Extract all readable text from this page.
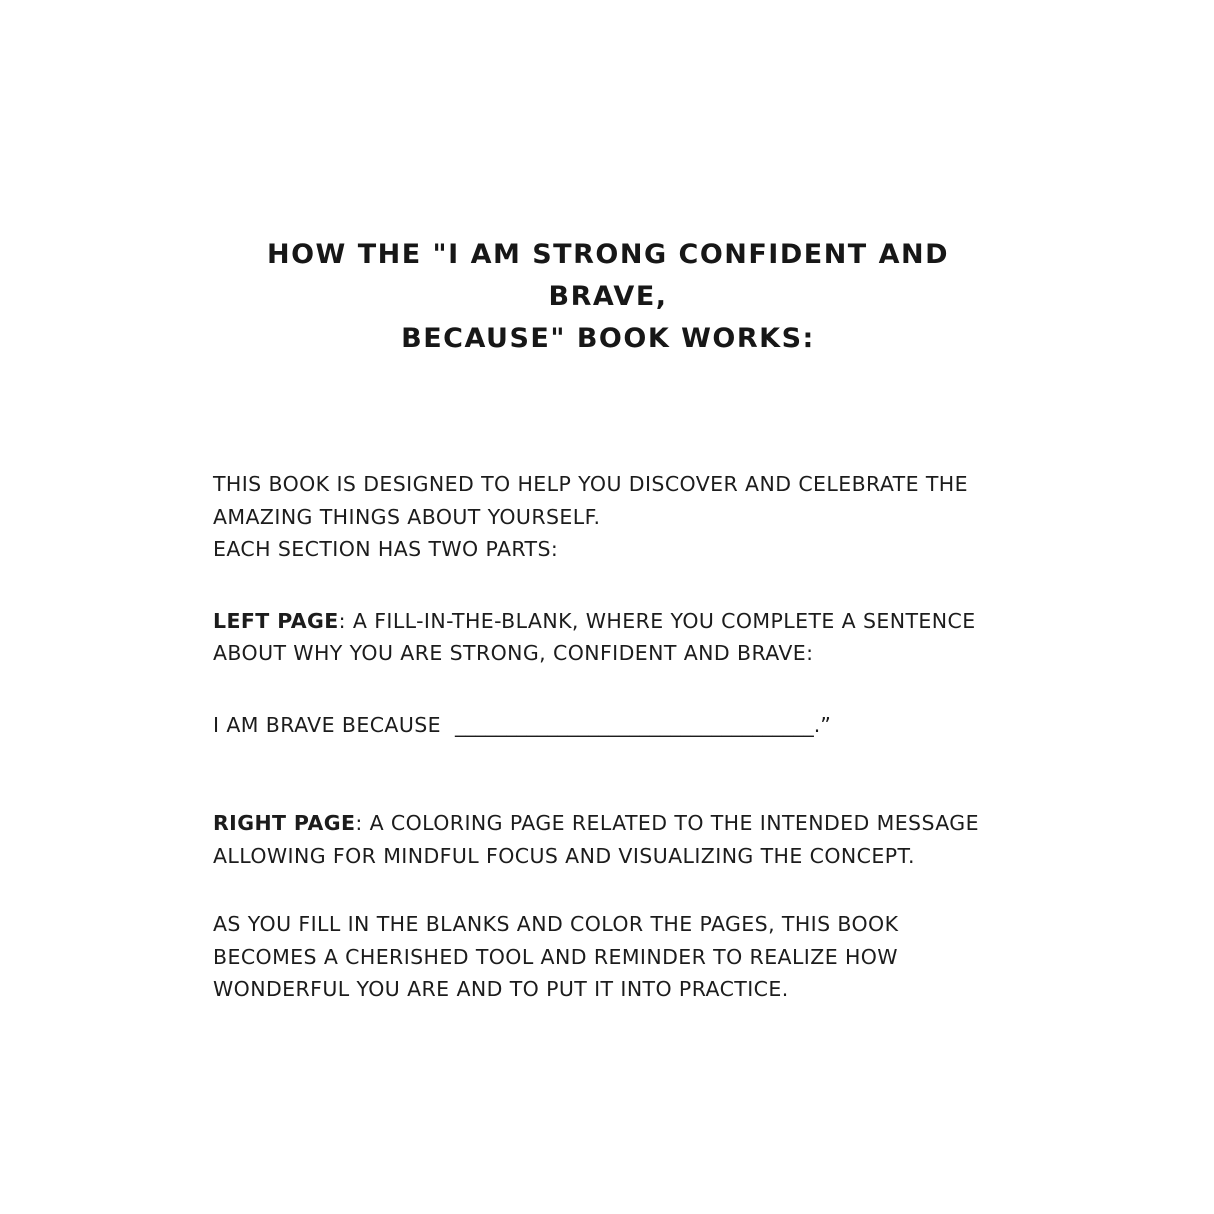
HOW THE "I AM STRONG CONFIDENT AND BRAVE,
BECAUSE" BOOK WORKS:
THIS BOOK IS DESIGNED TO HELP YOU DISCOVER AND CELEBRATE THE
AMAZING THINGS ABOUT YOURSELF.
EACH SECTION HAS TWO PARTS:
LEFT PAGE: A FILL-IN-THE-BLANK, WHERE YOU COMPLETE A SENTENCE
ABOUT WHY YOU ARE STRONG, CONFIDENT AND BRAVE:
I AM BRAVE BECAUSE ___________________________________.”
RIGHT PAGE: A COLORING PAGE RELATED TO THE INTENDED MESSAGE
ALLOWING FOR MINDFUL FOCUS AND VISUALIZING THE CONCEPT.
AS YOU FILL IN THE BLANKS AND COLOR THE PAGES, THIS BOOK
BECOMES A CHERISHED TOOL AND REMINDER TO REALIZE HOW
WONDERFUL YOU ARE AND TO PUT IT INTO PRACTICE.
